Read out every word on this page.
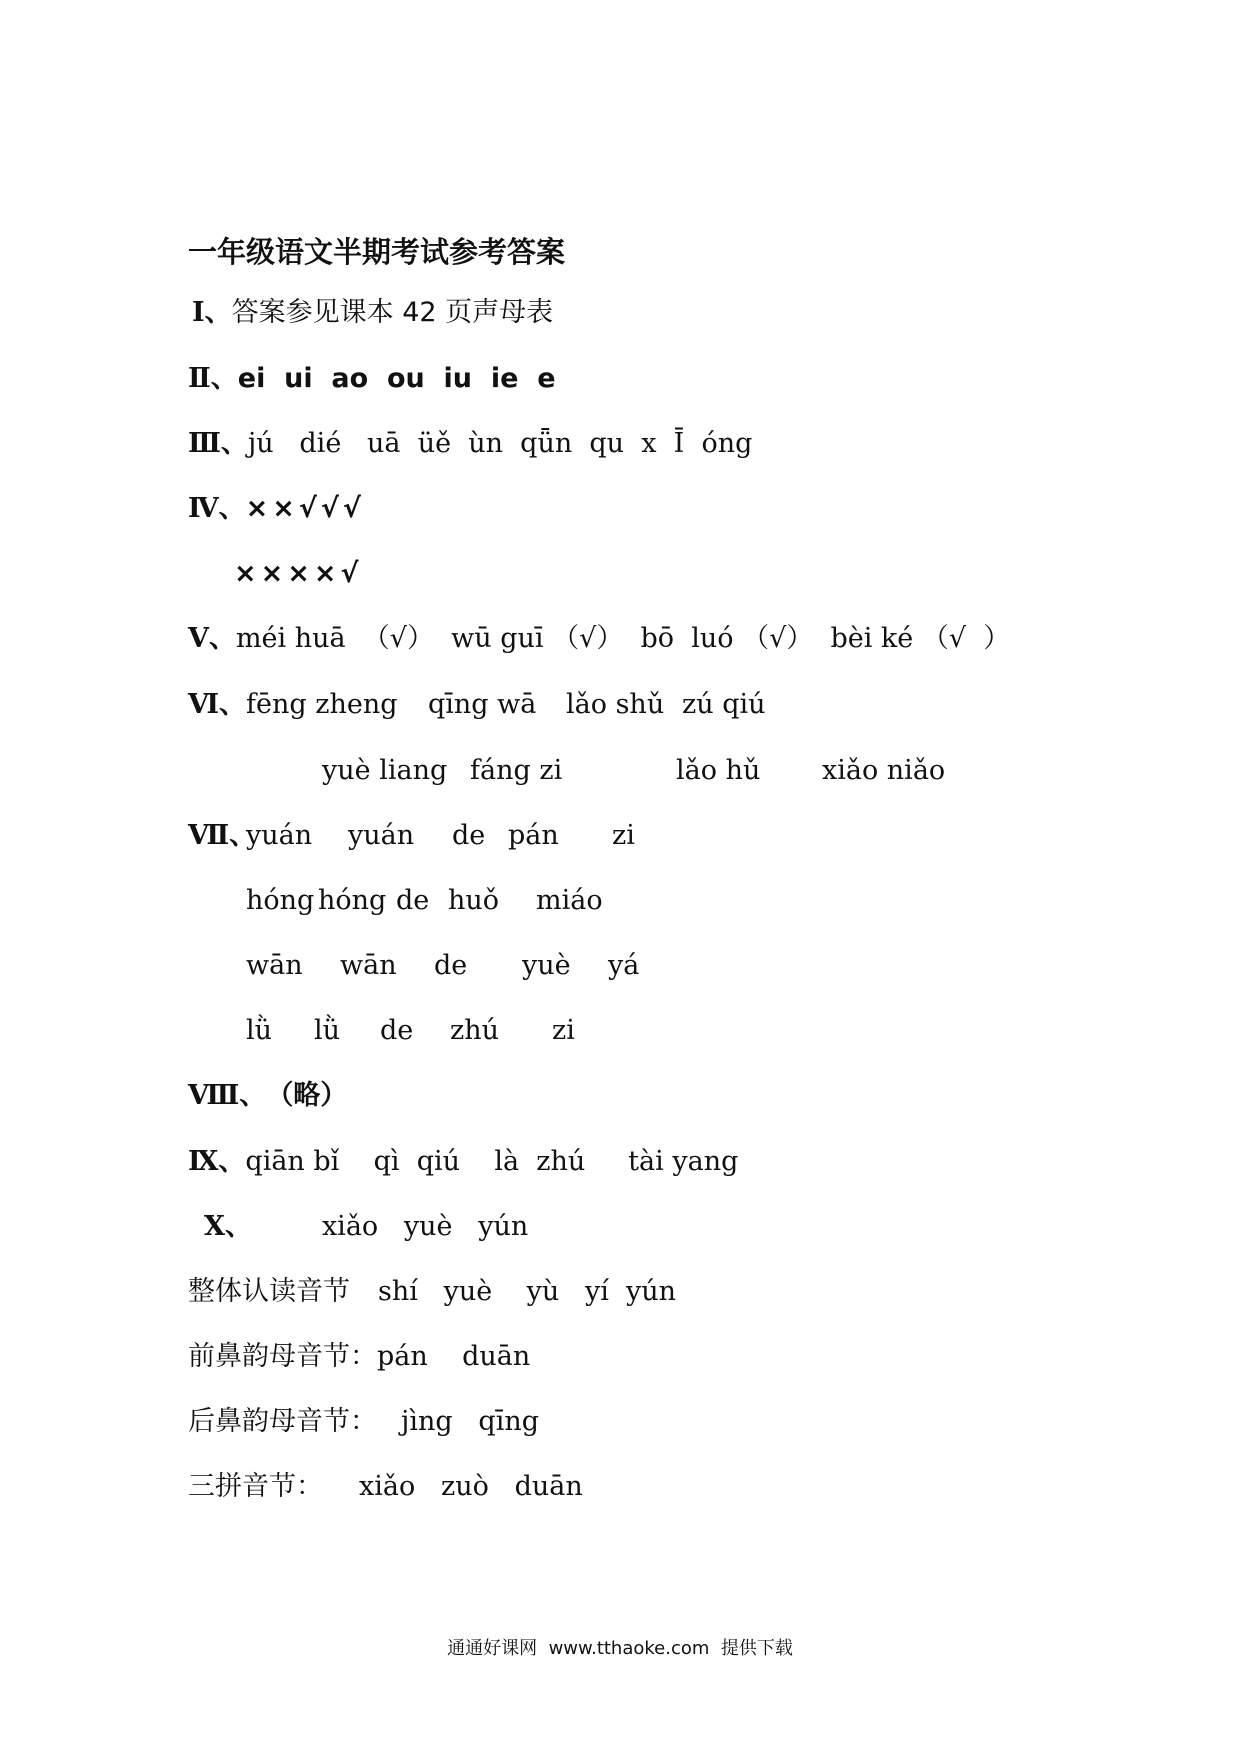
一年级语文半期考试参考答案
Ⅰ、答案参见课本 42 页声母表
Ⅱ、ei  ui  ao  ou  iu  ie  e
Ⅲ、jú   dié   uā  üě  ùn  qǖn  qu  x  Ī  óng
Ⅳ、××√√√
××××√
Ⅴ、méi huā  （√）  wū guī （√）  bō  luó （√）  bèi ké （√  ）
Ⅵ、 fēng zheng qīng wā lǎo shǔ zú qiú
yuè liang fáng zi	lǎo hǔ xiǎo niǎo
Ⅶ、
yuán yuán de pán zi
hóng hóng de huǒ miáo
wān wān de yuè yá
lǜ lǜ de zhú zi
Ⅷ、（略）
Ⅸ、qiān bǐ    qì  qiú    là  zhú     tài yang
Ⅹ、	xiǎo   yuè   yún
整体认读音节 shí   yuè    yù   yí  yún
前鼻韵母音节：pán    duān
后鼻韵母音节： jìng   qīng
三拼音节： xiǎo   zuò   duān
通通好课网  www.tthaoke.com  提供下载
